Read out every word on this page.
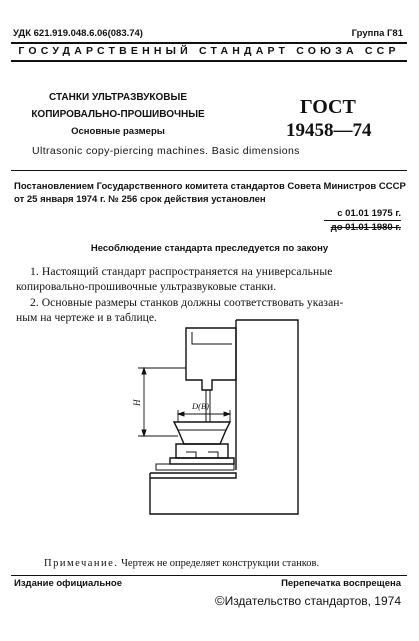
УДК 621.919.048.6.06(083.74)	Группа Г81
ГОСУДАРСТВЕННЫЙ СТАНДАРТ СОЮЗА ССР
СТАНКИ УЛЬТРАЗВУКОВЫЕ
КОПИРОВАЛЬНО-ПРОШИВОЧНЫЕ
Основные размеры
Ultrasonic copy-piercing machines. Basic dimensions
ГОСТ
19458—74
Постановлением Государственного комитета стандартов Совета Министров СССР
от 25 января 1974 г. № 256 срок действия установлен
с 01.01 1975 г.
до 01.01 1980 г.
Несоблюдение стандарта преследуется по закону
1. Настоящий стандарт распространяется на универсальные
копировально-прошивочные ультразвуковые станки.
2. Основные размеры станков должны соответствовать указан-
ным на чертеже и в таблице.
H	D(B)
Примечание. Чертеж не определяет конструкции станков.
Издание официальное	Перепечатка воспрещена
©Издательство стандартов, 1974
